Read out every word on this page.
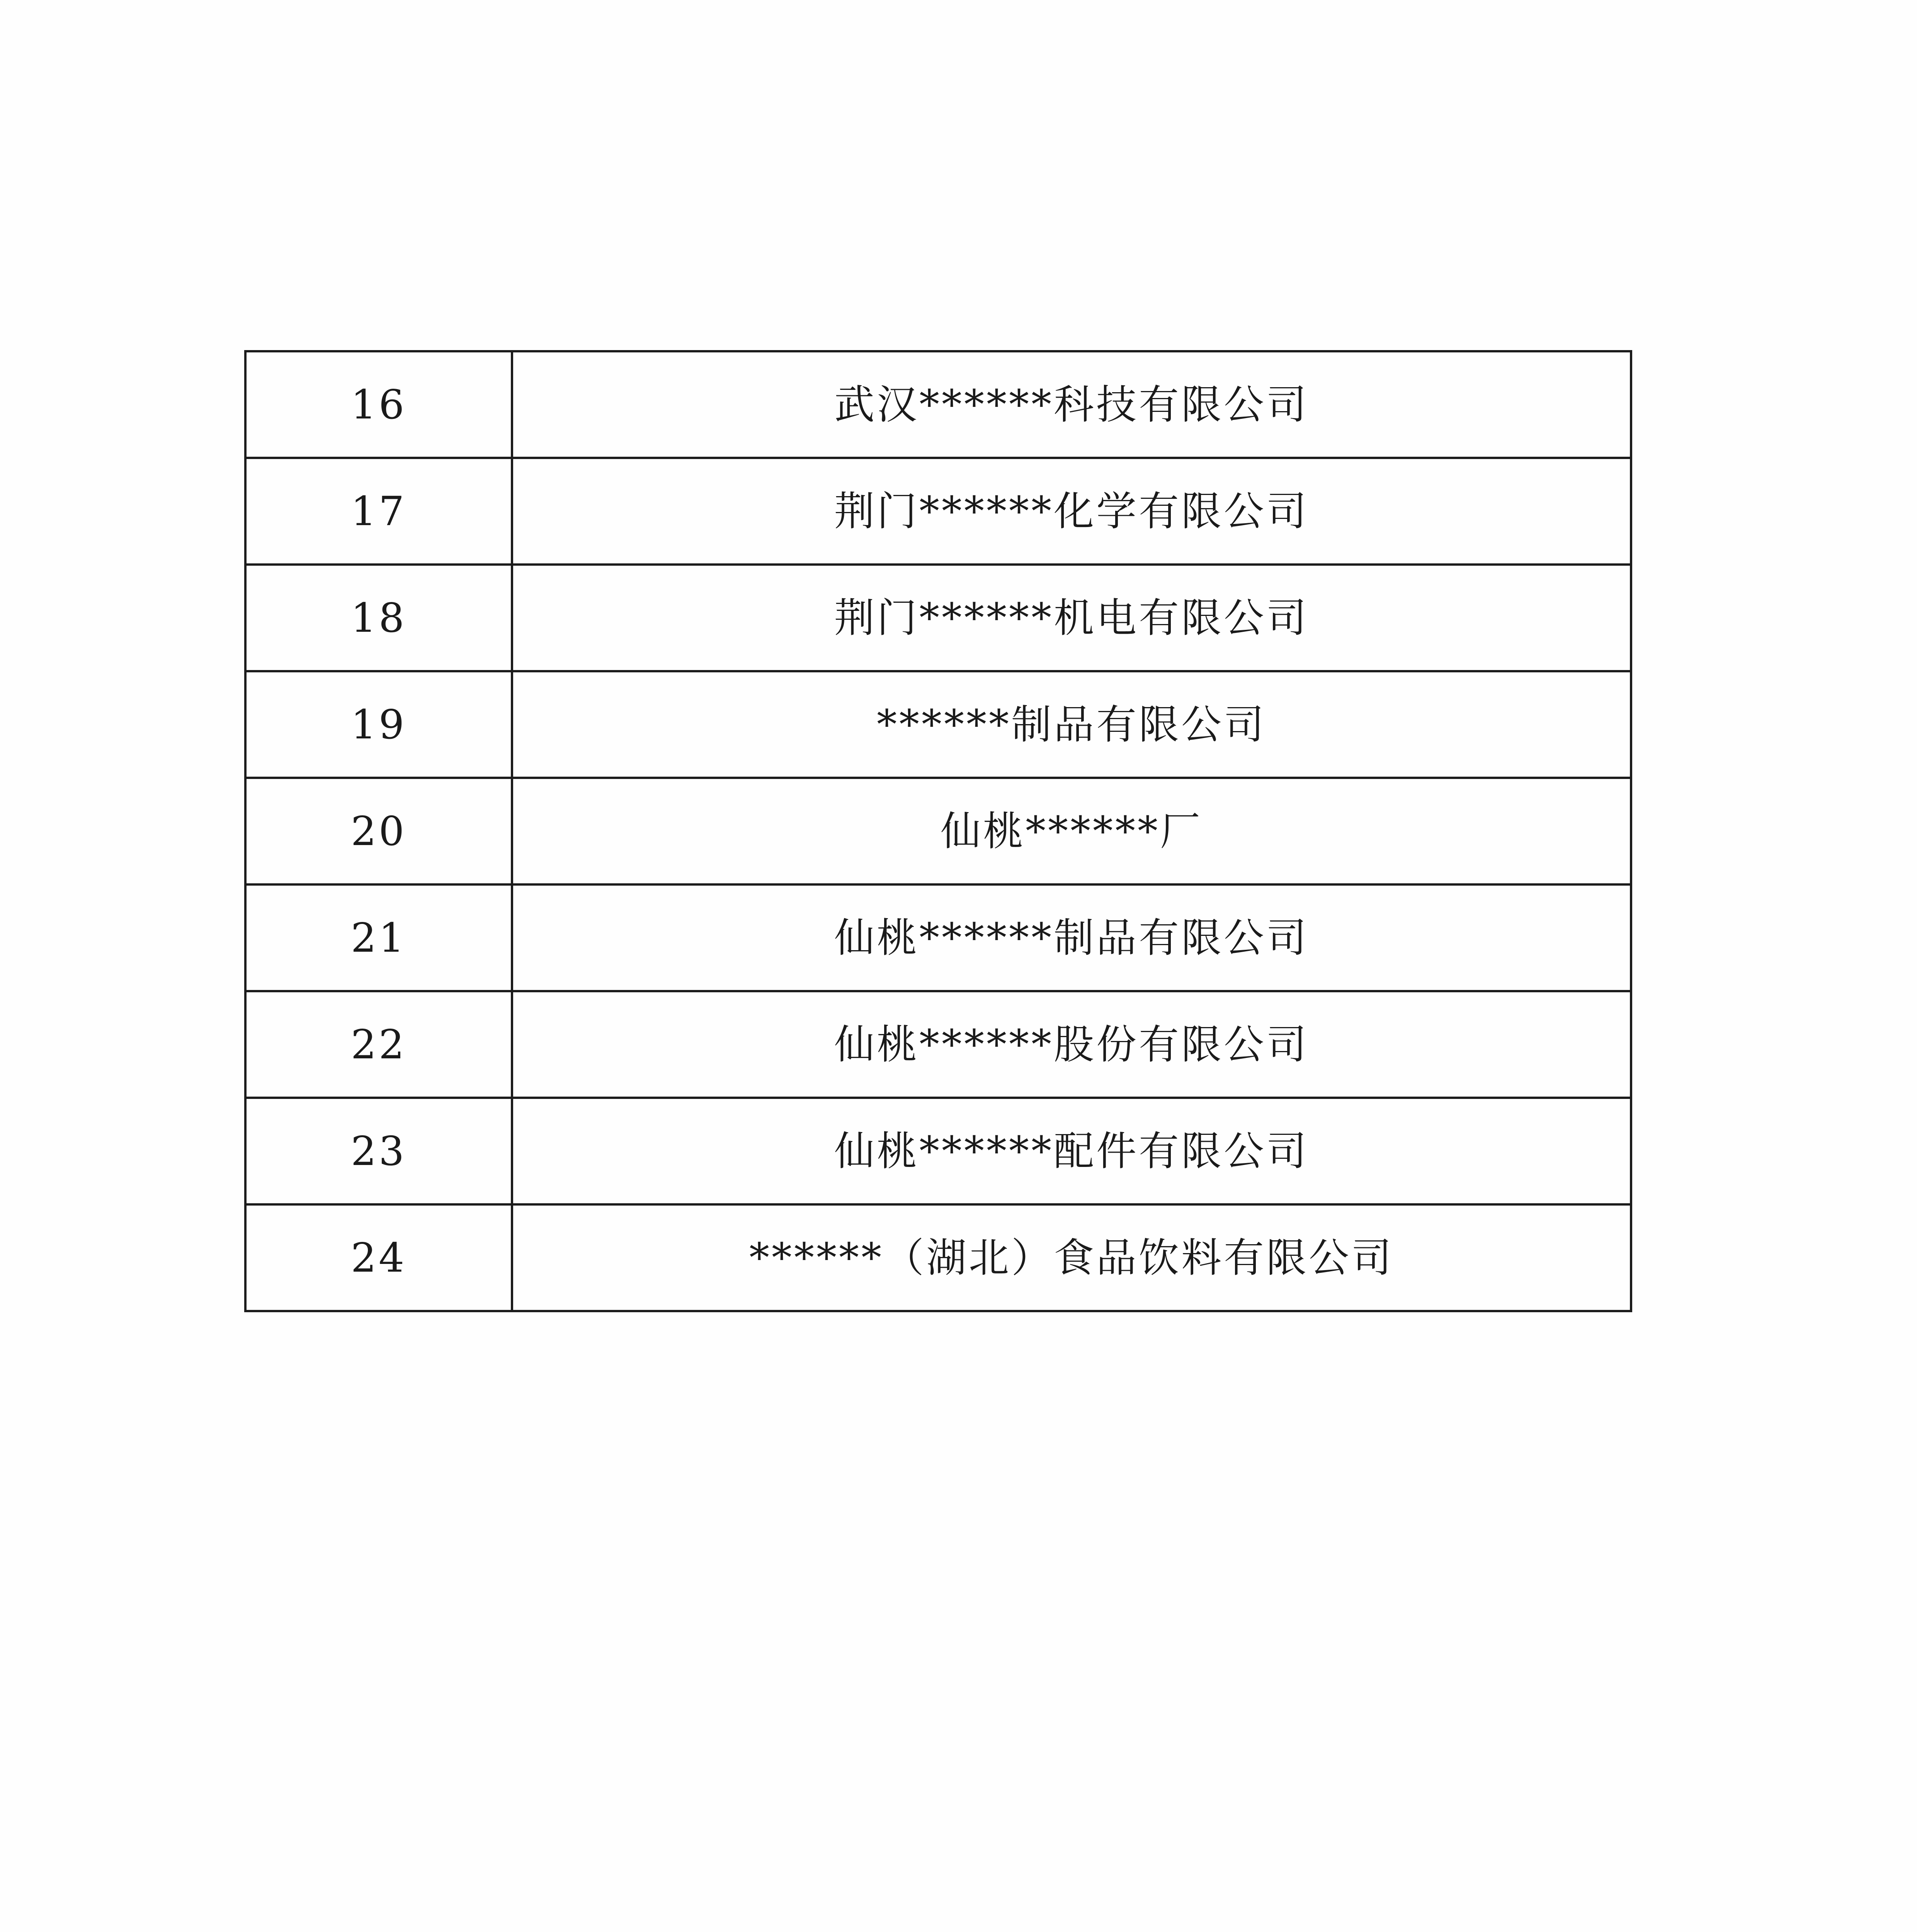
16	武汉******科技有限公司
17	荆门******化学有限公司
18	荆门******机电有限公司
19	******制品有限公司
20	仙桃******厂
21	仙桃******制品有限公司
22	仙桃******股份有限公司
23	仙桃******配件有限公司
24	******（湖北）食品饮料有限公司
